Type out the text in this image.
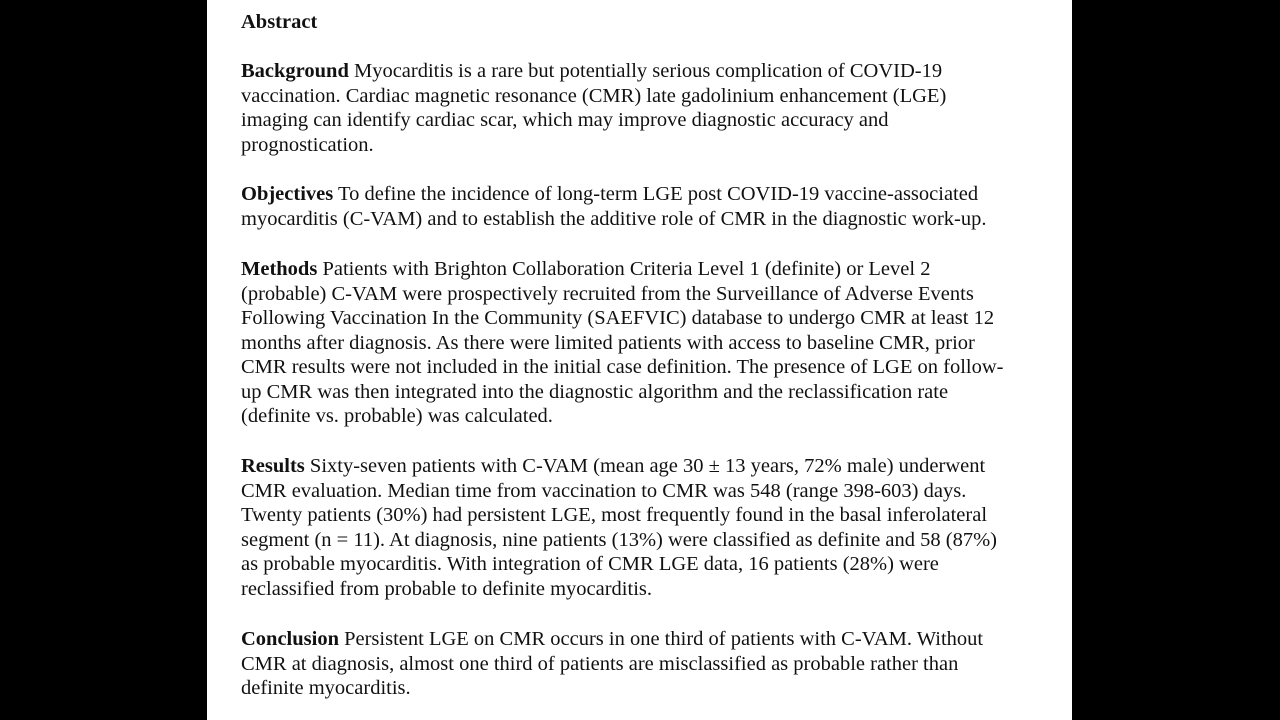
Abstract
Background Myocarditis is a rare but potentially serious complication of COVID-19
vaccination. Cardiac magnetic resonance (CMR) late gadolinium enhancement (LGE)
imaging can identify cardiac scar, which may improve diagnostic accuracy and
prognostication.
Objectives To define the incidence of long-term LGE post COVID-19 vaccine-associated
myocarditis (C-VAM) and to establish the additive role of CMR in the diagnostic work-up.
Methods Patients with Brighton Collaboration Criteria Level 1 (definite) or Level 2
(probable) C-VAM were prospectively recruited from the Surveillance of Adverse Events
Following Vaccination In the Community (SAEFVIC) database to undergo CMR at least 12
months after diagnosis. As there were limited patients with access to baseline CMR, prior
CMR results were not included in the initial case definition. The presence of LGE on follow-
up CMR was then integrated into the diagnostic algorithm and the reclassification rate
(definite vs. probable) was calculated.
Results Sixty-seven patients with C-VAM (mean age 30 ± 13 years, 72% male) underwent
CMR evaluation. Median time from vaccination to CMR was 548 (range 398-603) days.
Twenty patients (30%) had persistent LGE, most frequently found in the basal inferolateral
segment (n = 11). At diagnosis, nine patients (13%) were classified as definite and 58 (87%)
as probable myocarditis. With integration of CMR LGE data, 16 patients (28%) were
reclassified from probable to definite myocarditis.
Conclusion Persistent LGE on CMR occurs in one third of patients with C-VAM. Without
CMR at diagnosis, almost one third of patients are misclassified as probable rather than
definite myocarditis.
